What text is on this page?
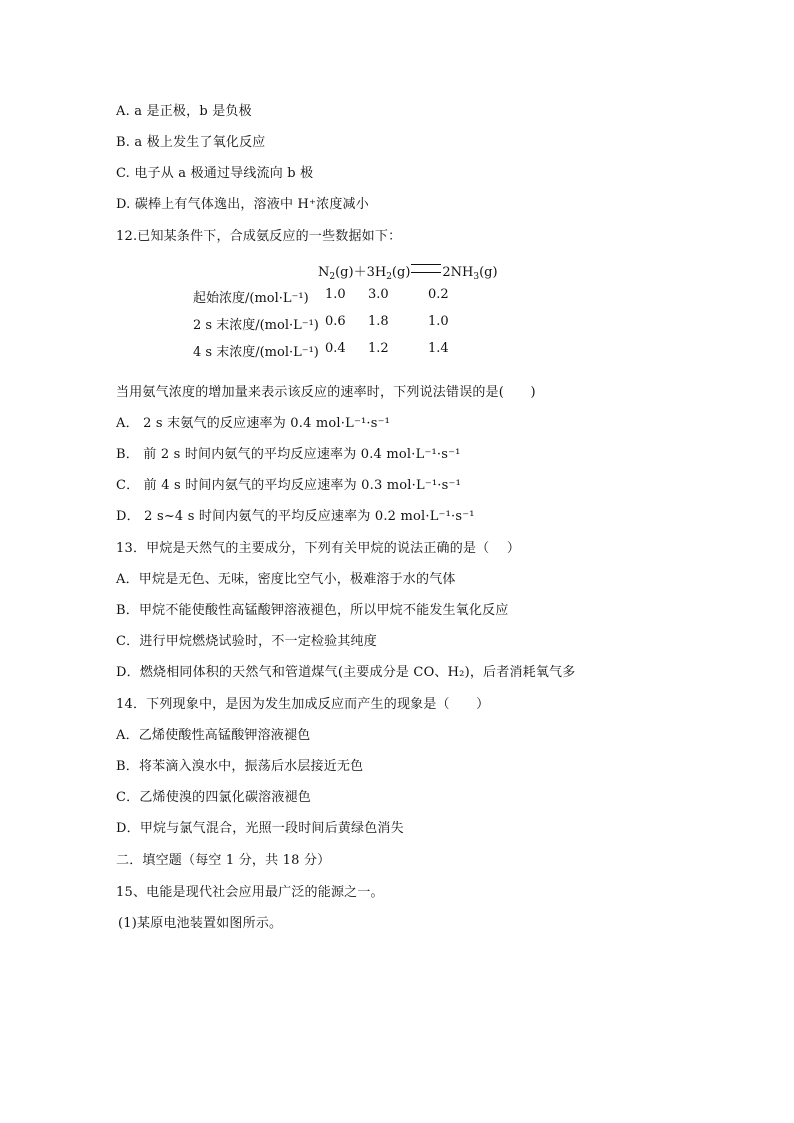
A. a 是正极，b 是负极
B. a 极上发生了氧化反应
C. 电子从 a 极通过导线流向 b 极
D. 碳棒上有气体逸出，溶液中 H⁺浓度减小
12.已知某条件下，合成氨反应的一些数据如下：
$N_2(g)+3H_2(g)$ $2NH_3(g)$
起始浓度/(mol·L⁻¹) 1.0 3.0	0.2
2 s 末浓度/(mol·L⁻¹) 0.6 1.8	1.0
4 s 末浓度/(mol·L⁻¹) 0.4 1.2	1.4
当用氨气浓度的增加量来表示该反应的速率时，下列说法错误的是(　　)
A． 2 s 末氨气的反应速率为 0.4 mol·L⁻¹·s⁻¹
B． 前 2 s 时间内氨气的平均反应速率为 0.4 mol·L⁻¹·s⁻¹
C． 前 4 s 时间内氨气的平均反应速率为 0.3 mol·L⁻¹·s⁻¹
D． 2 s~4 s 时间内氨气的平均反应速率为 0.2 mol·L⁻¹·s⁻¹
13．甲烷是天然气的主要成分，下列有关甲烷的说法正确的是（　 ）
A．甲烷是无色、无味，密度比空气小，极难溶于水的气体
B．甲烷不能使酸性高锰酸钾溶液褪色，所以甲烷不能发生氧化反应
C．进行甲烷燃烧试验时，不一定检验其纯度
D．燃烧相同体积的天然气和管道煤气(主要成分是 CO、H₂)，后者消耗氧气多
14．下列现象中，是因为发生加成反应而产生的现象是（　　）
A．乙烯使酸性高锰酸钾溶液褪色
B．将苯滴入溴水中，振荡后水层接近无色
C．乙烯使溴的四氯化碳溶液褪色
D．甲烷与氯气混合，光照一段时间后黄绿色消失
二．填空题（每空 1 分，共 18 分）
15、电能是现代社会应用最广泛的能源之一。
(1)某原电池装置如图所示。
